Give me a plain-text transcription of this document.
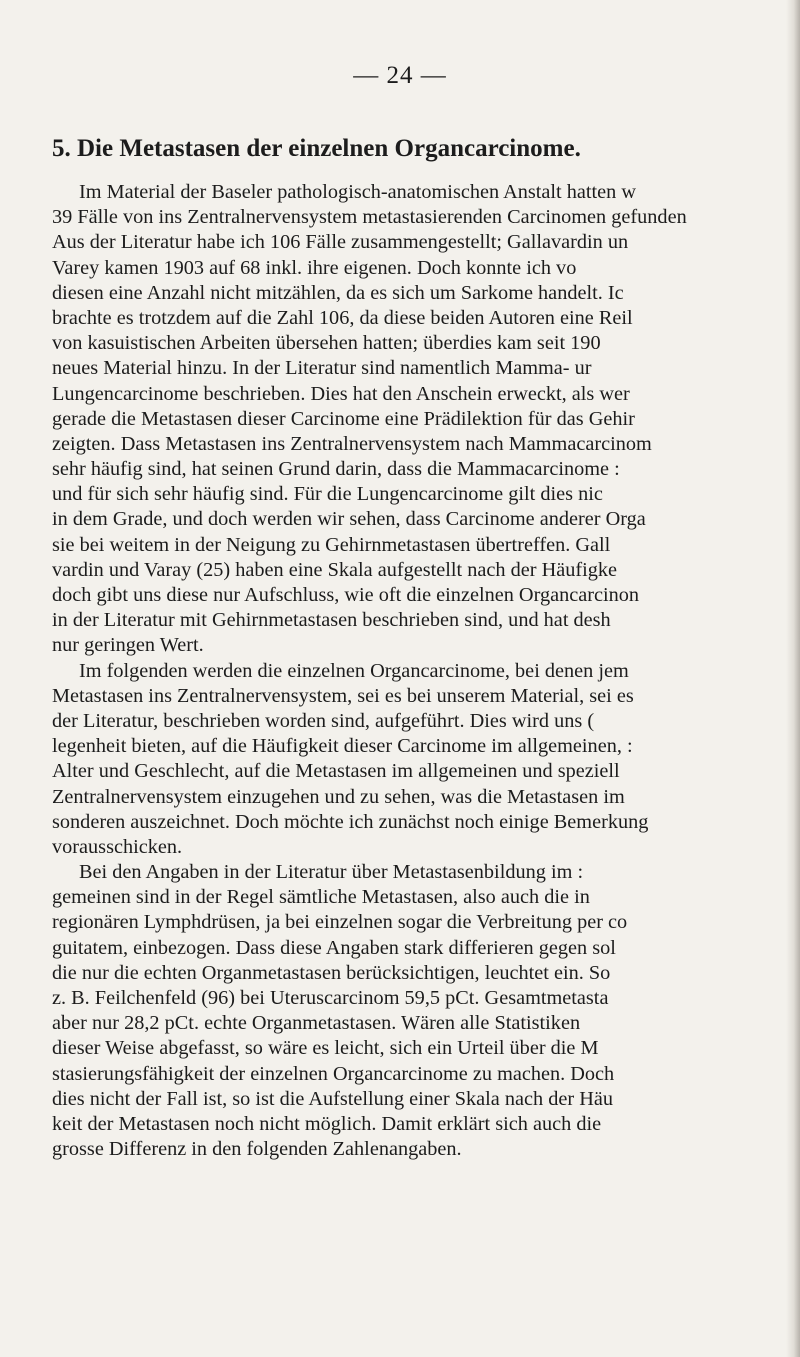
— 24 —
5. Die Metastasen der einzelnen Organcarcinome.
Im Material der Baseler pathologisch-anatomischen Anstalt hatten w
39 Fälle von ins Zentralnervensystem metastasierenden Carcinomen gefunden
Aus der Literatur habe ich 106 Fälle zusammengestellt; Gallavardin un
Varey kamen 1903 auf 68 inkl. ihre eigenen. Doch konnte ich vo
diesen eine Anzahl nicht mitzählen, da es sich um Sarkome handelt. Ic
brachte es trotzdem auf die Zahl 106, da diese beiden Autoren eine Reil
von kasuistischen Arbeiten übersehen hatten; überdies kam seit 190
neues Material hinzu. In der Literatur sind namentlich Mamma- ur
Lungencarcinome beschrieben. Dies hat den Anschein erweckt, als wer
gerade die Metastasen dieser Carcinome eine Prädilektion für das Gehir
zeigten. Dass Metastasen ins Zentralnervensystem nach Mammacarcinom
sehr häufig sind, hat seinen Grund darin, dass die Mammacarcinome :
und für sich sehr häufig sind. Für die Lungencarcinome gilt dies nic
in dem Grade, und doch werden wir sehen, dass Carcinome anderer Orga
sie bei weitem in der Neigung zu Gehirnmetastasen übertreffen. Gall
vardin und Varay (25) haben eine Skala aufgestellt nach der Häufigke
doch gibt uns diese nur Aufschluss, wie oft die einzelnen Organcarcinon
in der Literatur mit Gehirnmetastasen beschrieben sind, und hat desh
nur geringen Wert.
Im folgenden werden die einzelnen Organcarcinome, bei denen jem
Metastasen ins Zentralnervensystem, sei es bei unserem Material, sei es
der Literatur, beschrieben worden sind, aufgeführt. Dies wird uns (
legenheit bieten, auf die Häufigkeit dieser Carcinome im allgemeinen, :
Alter und Geschlecht, auf die Metastasen im allgemeinen und speziell
Zentralnervensystem einzugehen und zu sehen, was die Metastasen im
sonderen auszeichnet. Doch möchte ich zunächst noch einige Bemerkung
vorausschicken.
Bei den Angaben in der Literatur über Metastasenbildung im :
gemeinen sind in der Regel sämtliche Metastasen, also auch die in
regionären Lymphdrüsen, ja bei einzelnen sogar die Verbreitung per co
guitatem, einbezogen. Dass diese Angaben stark differieren gegen sol
die nur die echten Organmetastasen berücksichtigen, leuchtet ein. So
z. B. Feilchenfeld (96) bei Uteruscarcinom 59,5 pCt. Gesamtmetasta
aber nur 28,2 pCt. echte Organmetastasen. Wären alle Statistiken
dieser Weise abgefasst, so wäre es leicht, sich ein Urteil über die M
stasierungsfähigkeit der einzelnen Organcarcinome zu machen. Doch
dies nicht der Fall ist, so ist die Aufstellung einer Skala nach der Häu
keit der Metastasen noch nicht möglich. Damit erklärt sich auch die
grosse Differenz in den folgenden Zahlenangaben.
